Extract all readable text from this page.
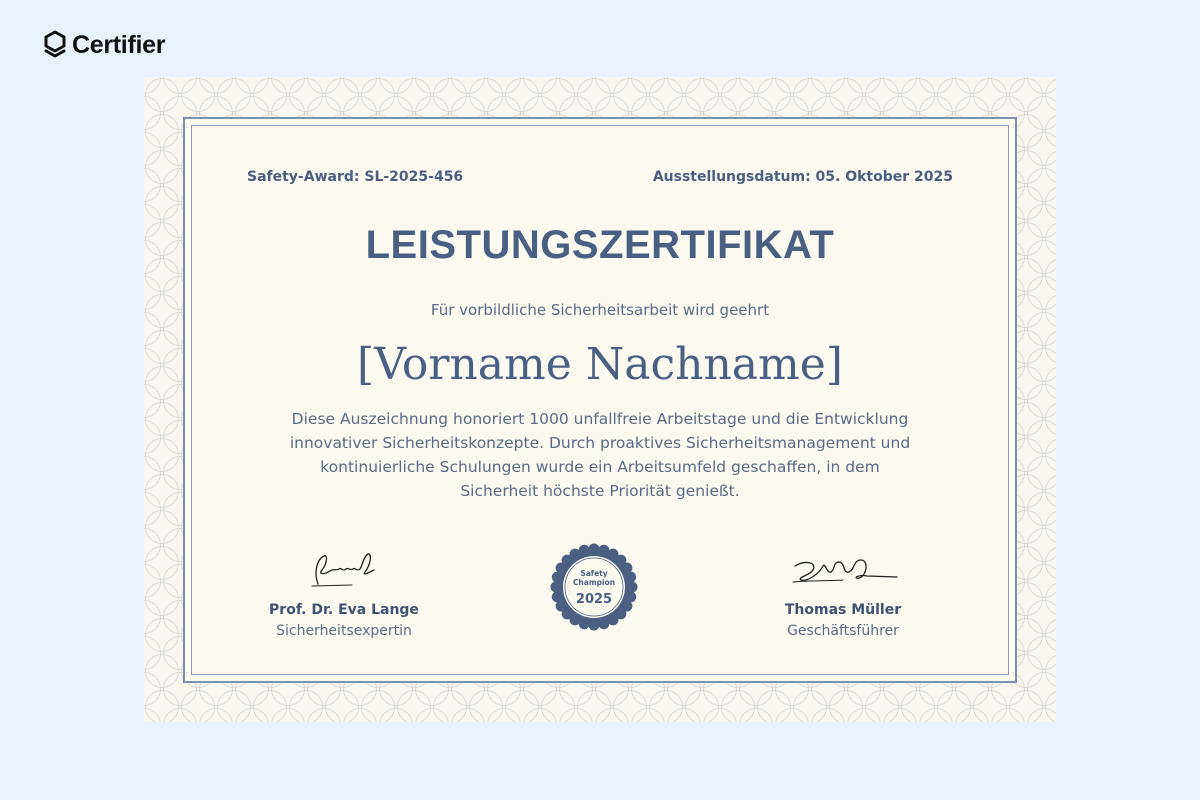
Certifier
Safety-Award: SL-2025-456	Ausstellungsdatum: 05. Oktober 2025
LEISTUNGSZERTIFIKAT
Für vorbildliche Sicherheitsarbeit wird geehrt
[Vorname Nachname]
Diese Auszeichnung honoriert 1000 unfallfreie Arbeitstage und die Entwicklung innovativer Sicherheitskonzepte. Durch proaktives Sicherheitsmanagement und kontinuierliche Schulungen wurde ein Arbeitsumfeld geschaffen, in dem Sicherheit höchste Priorität genießt.
Prof. Dr. Eva Lange
Sicherheitsexpertin
Safety
Champion
2025
Thomas Müller
Geschäftsführer
